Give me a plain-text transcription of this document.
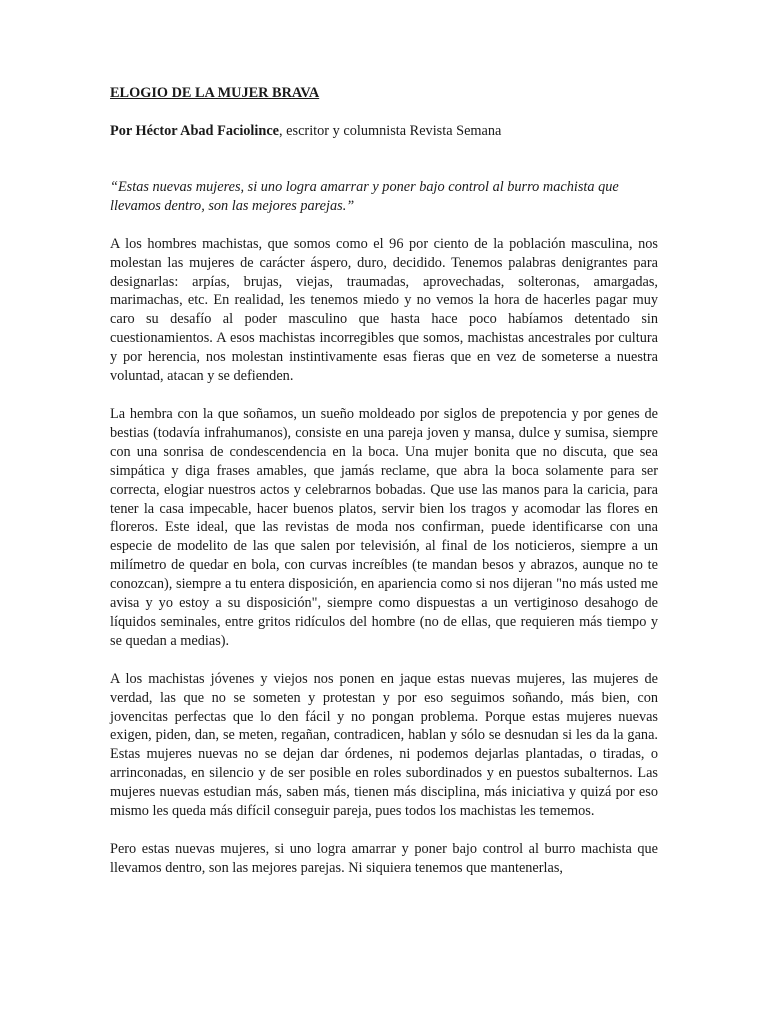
ELOGIO DE LA MUJER BRAVA
Por Héctor Abad Faciolince, escritor y columnista Revista Semana

“Estas nuevas mujeres, si uno logra amarrar y poner bajo control al burro machista que llevamos dentro, son las mejores parejas.”

A los hombres machistas, que somos como el 96 por ciento de la población masculina, nos molestan las mujeres de carácter áspero, duro, decidido. Tenemos palabras denigrantes para designarlas: arpías, brujas, viejas, traumadas, aprovechadas, solteronas, amargadas, marimachas, etc. En realidad, les tenemos miedo y no vemos la hora de hacerles pagar muy caro su desafío al poder masculino que hasta hace poco habíamos detentado sin cuestionamientos. A esos machistas incorregibles que somos, machistas ancestrales por cultura y por herencia, nos molestan instintivamente esas fieras que en vez de someterse a nuestra voluntad, atacan y se defienden.

La hembra con la que soñamos, un sueño moldeado por siglos de prepotencia y por genes de bestias (todavía infrahumanos), consiste en una pareja joven y mansa, dulce y sumisa, siempre con una sonrisa de condescendencia en la boca. Una mujer bonita que no discuta, que sea simpática y diga frases amables, que jamás reclame, que abra la boca solamente para ser correcta, elogiar nuestros actos y celebrarnos bobadas. Que use las manos para la caricia, para tener la casa impecable, hacer buenos platos, servir bien los tragos y acomodar las flores en floreros. Este ideal, que las revistas de moda nos confirman, puede identificarse con una especie de modelito de las que salen por televisión, al final de los noticieros, siempre a un milímetro de quedar en bola, con curvas increíbles (te mandan besos y abrazos, aunque no te conozcan), siempre a tu entera disposición, en apariencia como si nos dijeran "no más usted me avisa y yo estoy a su disposición", siempre como dispuestas a un vertiginoso desahogo de líquidos seminales, entre gritos ridículos del hombre (no de ellas, que requieren más tiempo y se quedan a medias).

A los machistas jóvenes y viejos nos ponen en jaque estas nuevas mujeres, las mujeres de verdad, las que no se someten y protestan y por eso seguimos soñando, más bien, con jovencitas perfectas que lo den fácil y no pongan problema. Porque estas mujeres nuevas exigen, piden, dan, se meten, regañan, contradicen, hablan y sólo se desnudan si les da la gana. Estas mujeres nuevas no se dejan dar órdenes, ni podemos dejarlas plantadas, o tiradas, o arrinconadas, en silencio y de ser posible en roles subordinados y en puestos subalternos. Las mujeres nuevas estudian más, saben más, tienen más disciplina, más iniciativa y quizá por eso mismo les queda más difícil conseguir pareja, pues todos los machistas les tememos.

Pero estas nuevas mujeres, si uno logra amarrar y poner bajo control al burro machista que llevamos dentro, son las mejores parejas. Ni siquiera tenemos que mantenerlas,
